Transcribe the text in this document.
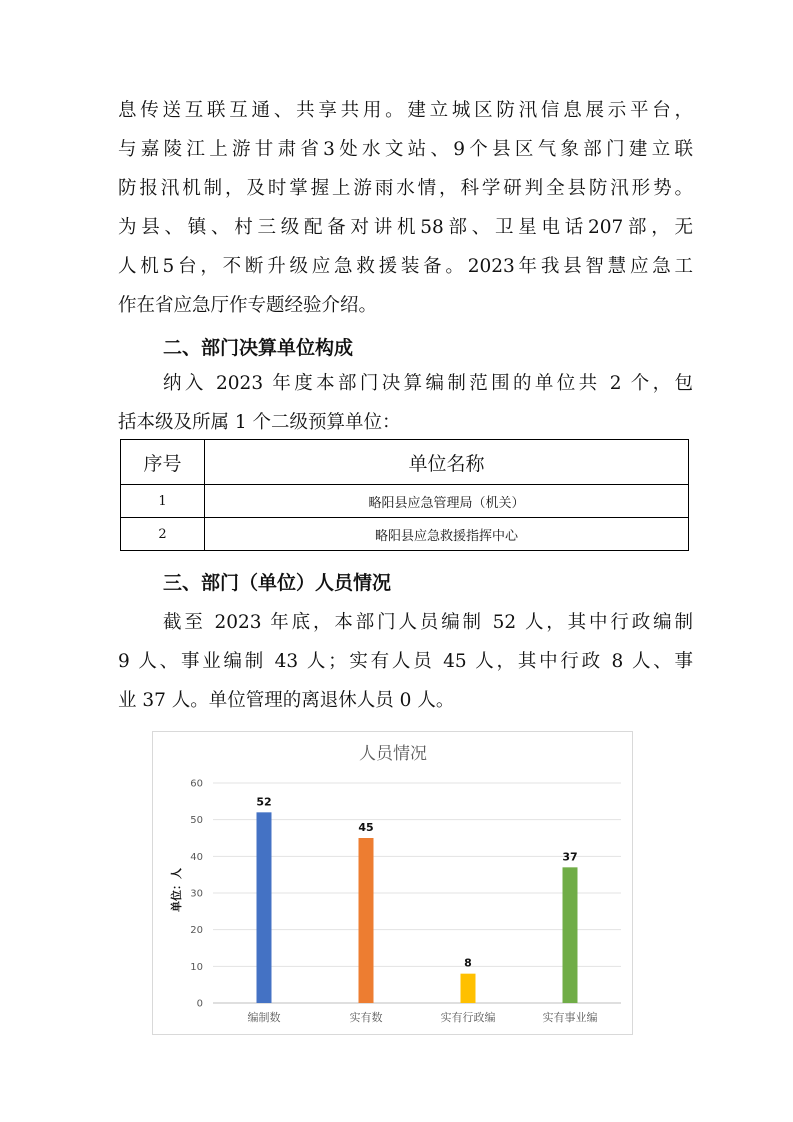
息传送互联互通、共享共用。建立城区防汛信息展示平台，
与嘉陵江上游甘肃省3处水文站、9个县区气象部门建立联
防报汛机制，及时掌握上游雨水情，科学研判全县防汛形势。
为县、镇、村三级配备对讲机58部、卫星电话207部，无
人机5台，不断升级应急救援装备。2023年我县智慧应急工
作在省应急厅作专题经验介绍。
二、部门决算单位构成
纳入 2023 年度本部门决算编制范围的单位共 2 个，包
括本级及所属 1 个二级预算单位：
序号	单位名称
1	略阳县应急管理局（机关）
2	略阳县应急救援指挥中心
三、部门（单位）人员情况
截至 2023 年底，本部门人员编制 52 人，其中行政编制
9 人、事业编制 43 人；实有人员 45 人，其中行政 8 人、事
业 37 人。单位管理的离退休人员 0 人。
人员情况
单位：人
0
10
20
30
40
50
60
52
45
8
37
编制数	实有数	实有行政编	实有事业编
